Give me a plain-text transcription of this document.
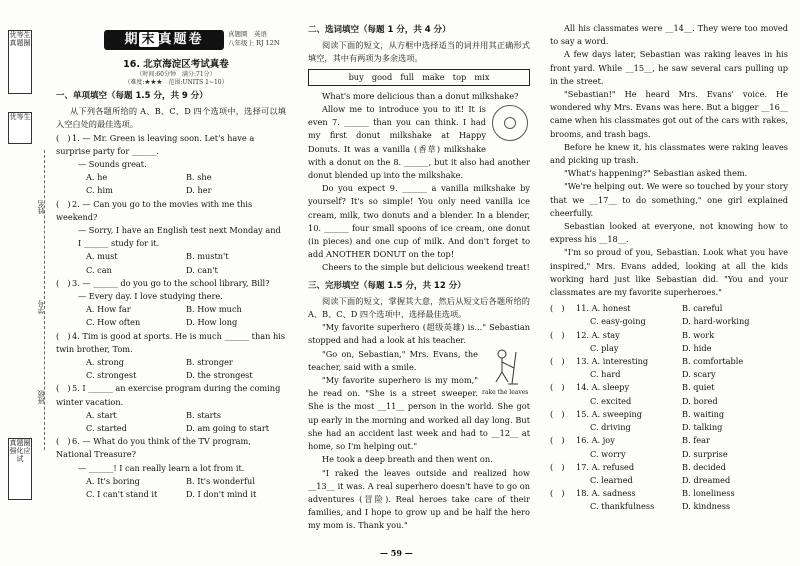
优等生 真题圈
优等生
真题圈 强化应试
姓名
学号
班级
期 末 真题卷	真题圈　英语
八年级上 RJ 12N
16. 北京海淀区考试真卷
（时间:60分钟　满分:71分）
（难度:★★★　范围:UNITS 1~10）
一、单项填空（每题 1.5 分，共 9 分）

从下列各题所给的 A、B、C、D 四个选项中，选择可以填入空白处的最佳选项。

(　)1. — Mr. Green is leaving soon. Let's have a surprise party for ______.

— Sounds great.

A. he	B. she
C. him	D. her

(　)2. — Can you go to the movies with me this weekend?

— Sorry, I have an English test next Monday and I ______ study for it.

A. must	B. mustn't
C. can	D. can't

(　)3. — ______ do you go to the school library, Bill?

— Every day. I love studying there.

A. How far	B. How much
C. How often	D. How long

(　)4. Tim is good at sports. He is much ______ than his twin brother, Tom.

A. strong	B. stronger
C. strongest	D. the strongest

(　)5. I ______ an exercise program during the coming winter vacation.

A. start	B. starts
C. started	D. am going to start

(　)6. — What do you think of the TV program, National Treasure?

— ______! I can really learn a lot from it.

A. It's boring	B. It's wonderful
C. I can't stand it	D. I don't mind it
二、选词填空（每题 1 分，共 4 分）

阅读下面的短文，从方框中选择适当的词并用其正确形式填空，其中有两项为多余选项。

buy　good　full　make　top　mix

What's more delicious than a donut milkshake?

Allow me to introduce you to it! It is even 7. ______ than you can think. I had my first donut milkshake at Happy Donuts. It was a vanilla (香草) milkshake with a donut on the 8. ______, but it also had another donut blended up into the milkshake.

Do you expect 9. ______ a vanilla milkshake by yourself? It's so simple! You only need vanilla ice cream, milk, two donuts and a blender. In a blender, 10. ______ four small spoons of ice cream, one donut (in pieces) and one cup of milk. And don't forget to add ANOTHER DONUT on the top!

Cheers to the simple but delicious weekend treat!

三、完形填空（每题 1.5 分，共 12 分）

阅读下面的短文，掌握其大意，然后从短文后各题所给的 A、B、C、D 四个选项中，选择最佳选项。

"My favorite superhero (超级英雄) is..." Sebastian stopped and had a look at his teacher.

rake the leaves

"Go on, Sebastian," Mrs. Evans, the teacher, said with a smile.

"My favorite superhero is my mom," he read on. "She is a street sweeper. She is the most __11__ person in the world. She got up early in the morning and worked all day long. But she had an accident last week and had to __12__ at home, so I'm helping out."

He took a deep breath and then went on.

"I raked the leaves outside and realized how __13__ it was. A real superhero doesn't have to go on adventures (冒险). Real heroes take care of their families, and I hope to grow up and be half the hero my mom is. Thank you."

All his classmates were __14__. They were too moved to say a word.

A few days later, Sebastian was raking leaves in his front yard. While __15__, he saw several cars pulling up in the street.

"Sebastian!" He heard Mrs. Evans' voice. He wondered why Mrs. Evans was here. But a bigger __16__ came when his classmates got out of the cars with rakes, brooms, and trash bags.

Before he knew it, his classmates were raking leaves and picking up trash.

"What's happening?" Sebastian asked them.

"We're helping out. We were so touched by your story that we __17__ to do something," one girl explained cheerfully.

Sebastian looked at everyone, not knowing how to express his __18__.

"I'm so proud of you, Sebastian. Look what you have inspired," Mrs. Evans added, looking at all the kids working hard just like Sebastian did. "You and your classmates are my favorite superheroes."

(　)	11. A. honest	B. careful
C. easy-going	D. hard-working
(　)	12. A. stay	B. work
C. play	D. hide
(　)	13. A. interesting	B. comfortable
C. hard	D. scary
(　)	14. A. sleepy	B. quiet
C. excited	D. bored
(　)	15. A. sweeping	B. waiting
C. driving	D. talking
(　)	16. A. joy	B. fear
C. worry	D. surprise
(　)	17. A. refused	B. decided
C. learned	D. dreamed
(　)	18. A. sadness	B. loneliness
C. thankfulness	D. kindness
— 59 —
